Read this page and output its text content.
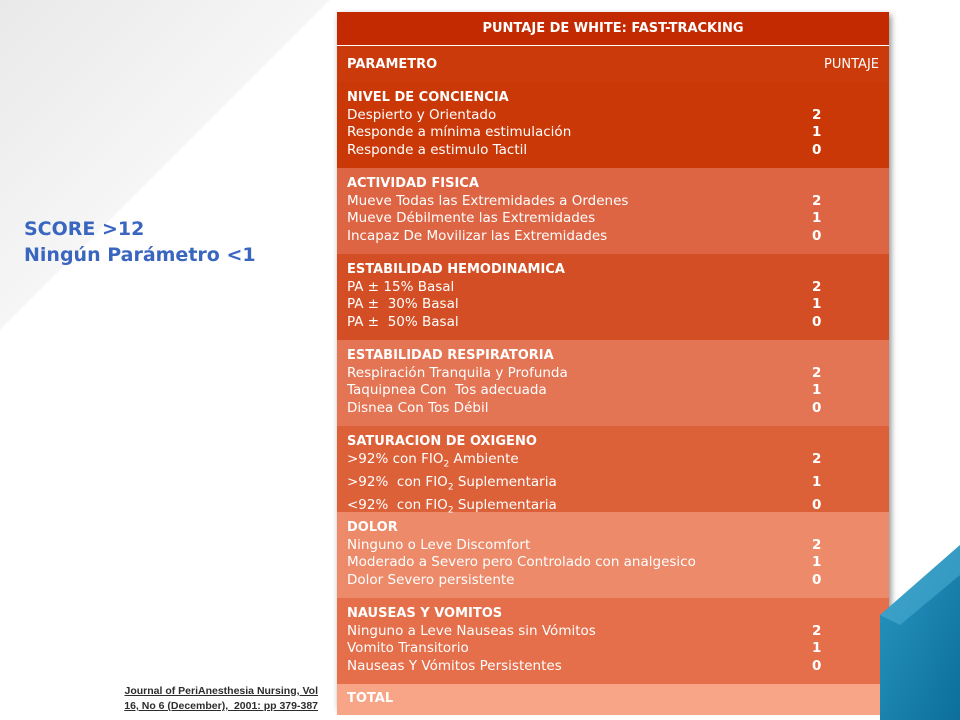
SCORE >12
Ningún Parámetro <1
Journal of PeriAnesthesia Nursing, Vol
16, No 6 (December),  2001: pp 379-387
PUNTAJE DE WHITE: FAST-TRACKING
PARAMETRO	PUNTAJE
NIVEL DE CONCIENCIA
Despierto y Orientado	2
Responde a mínima estimulación	1
Responde a estimulo Tactil	0
ACTIVIDAD FISICA
Mueve Todas las Extremidades a Ordenes	2
Mueve Débilmente las Extremidades	1
Incapaz De Movilizar las Extremidades	0
ESTABILIDAD HEMODINAMICA
PA ± 15% Basal	2
PA ±  30% Basal	1
PA ±  50% Basal	0
ESTABILIDAD RESPIRATORIA
Respiración Tranquila y Profunda	2
Taquipnea Con  Tos adecuada	1
Disnea Con Tos Débil	0
SATURACION DE OXIGENO
>92% con $FIO_2$ Ambiente	2
>92%  con $FIO_2$ Suplementaria	1
<92%  con $FIO_2$ Suplementaria	0
DOLOR
Ninguno o Leve Discomfort	2
Moderado a Severo pero Controlado con analgesico	1
Dolor Severo persistente	0
NAUSEAS Y VOMITOS
Ninguno a Leve Nauseas sin Vómitos	2
Vomito Transitorio	1
Nauseas Y Vómitos Persistentes	0
TOTAL
